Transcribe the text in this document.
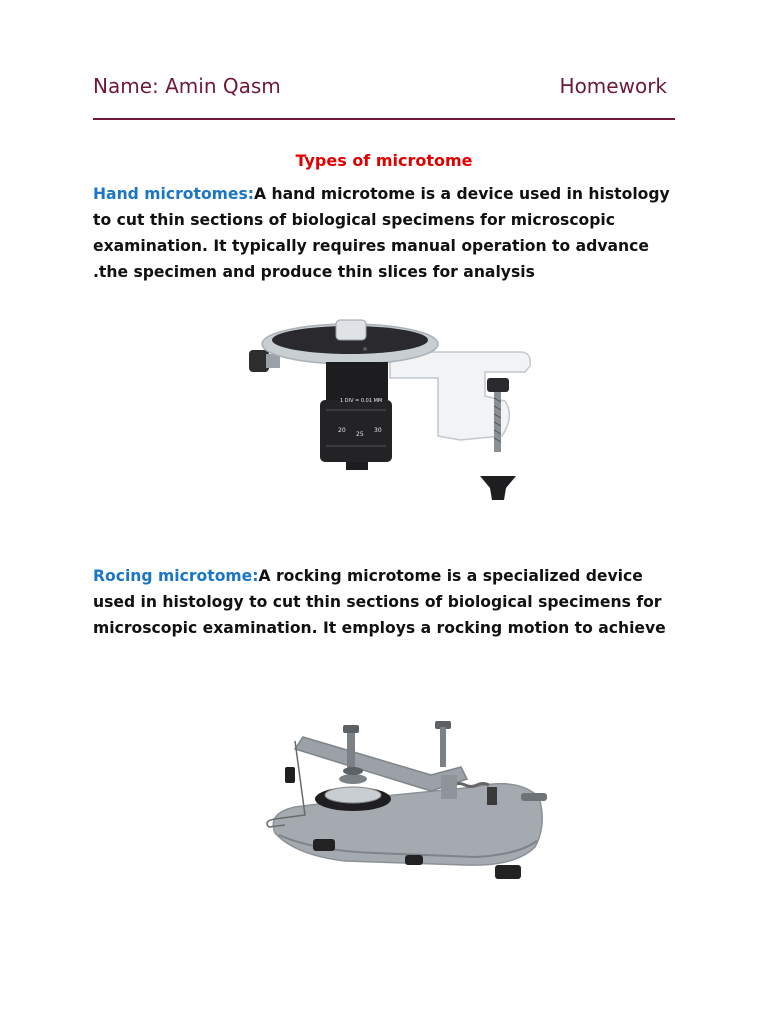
Name: Amin Qasm	Homework
Types of microtome
Hand microtomes:A hand microtome is a device used in histology to cut thin sections of biological specimens for microscopic examination. It typically requires manual operation to advance .the specimen and produce thin slices for analysis
1 DIV = 0.01 MM
20
25
30
Rocing microtome:A rocking microtome is a specialized device used in histology to cut thin sections of biological specimens for microscopic examination. It employs a rocking motion to achieve
